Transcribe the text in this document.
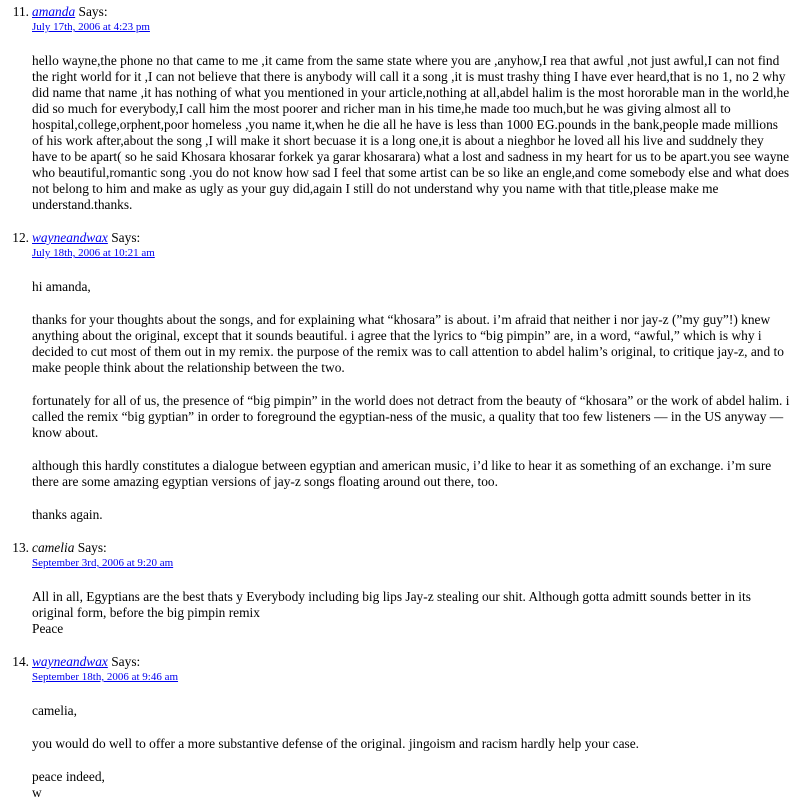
11. amanda Says:
July 17th, 2006 at 4:23 pm

hello wayne,the phone no that came to me ,it came from the same state where you are ,anyhow,I rea that awful ,not just awful,I can not find the right world for it ,I can not believe that there is anybody will call it a song ,it is must trashy thing I have ever heard,that is no 1, no 2 why did name that name ,it has nothing of what you mentioned in your article,nothing at all,abdel halim is the most hororable man in the world,he did so much for everybody,I call him the most poorer and richer man in his time,he made too much,but he was giving almost all to hospital,college,orphent,poor homeless ,you name it,when he die all he have is less than 1000 EG.pounds in the bank,people made millions of his work after,about the song ,I will make it short becuase it is a long one,it is about a nieghbor he loved all his live and suddnely they have to be apart( so he said Khosara khosarar forkek ya garar khosarara) what a lost and sadness in my heart for us to be apart.you see wayne who beautiful,romantic song .you do not know how sad I feel that some artist can be so like an engle,and come somebody else and what does not belong to him and make as ugly as your guy did,again I still do not understand why you name with that title,please make me understand.thanks.

12. wayneandwax Says:
July 18th, 2006 at 10:21 am

hi amanda,

thanks for your thoughts about the songs, and for explaining what “khosara” is about. i’m afraid that neither i nor jay-z (”my guy”!) knew anything about the original, except that it sounds beautiful. i agree that the lyrics to “big pimpin” are, in a word, “awful,” which is why i decided to cut most of them out in my remix. the purpose of the remix was to call attention to abdel halim’s original, to critique jay-z, and to make people think about the relationship between the two.

fortunately for all of us, the presence of “big pimpin” in the world does not detract from the beauty of “khosara” or the work of abdel halim. i called the remix “big gyptian” in order to foreground the egyptian-ness of the music, a quality that too few listeners — in the US anyway — know about.

although this hardly constitutes a dialogue between egyptian and american music, i’d like to hear it as something of an exchange. i’m sure there are some amazing egyptian versions of jay-z songs floating around out there, too.

thanks again.

13. camelia Says:
September 3rd, 2006 at 9:20 am

All in all, Egyptians are the best thats y Everybody including big lips Jay-z stealing our shit. Although gotta admitt sounds better in its original form, before the big pimpin remix
Peace

14. wayneandwax Says:
September 18th, 2006 at 9:46 am

camelia,

you would do well to offer a more substantive defense of the original. jingoism and racism hardly help your case.

peace indeed,
w
